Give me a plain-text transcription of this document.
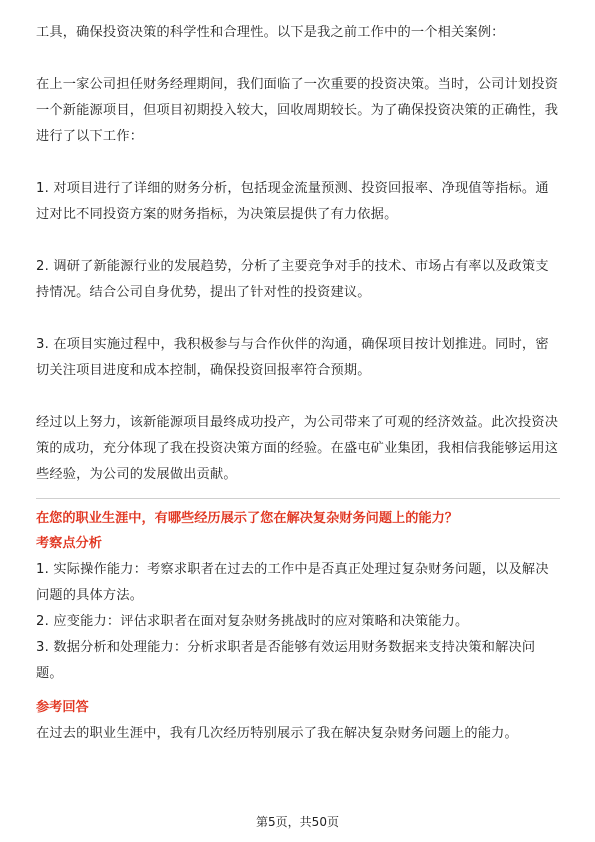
工具，确保投资决策的科学性和合理性。以下是我之前工作中的一个相关案例：

在上一家公司担任财务经理期间，我们面临了一次重要的投资决策。当时，公司计划投资一个新能源项目，但项目初期投入较大，回收周期较长。为了确保投资决策的正确性，我进行了以下工作：

1. 对项目进行了详细的财务分析，包括现金流量预测、投资回报率、净现值等指标。通过对比不同投资方案的财务指标，为决策层提供了有力依据。

2. 调研了新能源行业的发展趋势，分析了主要竞争对手的技术、市场占有率以及政策支持情况。结合公司自身优势，提出了针对性的投资建议。

3. 在项目实施过程中，我积极参与与合作伙伴的沟通，确保项目按计划推进。同时，密切关注项目进度和成本控制，确保投资回报率符合预期。

经过以上努力，该新能源项目最终成功投产，为公司带来了可观的经济效益。此次投资决策的成功，充分体现了我在投资决策方面的经验。在盛屯矿业集团，我相信我能够运用这些经验，为公司的发展做出贡献。

在您的职业生涯中，有哪些经历展示了您在解决复杂财务问题上的能力？

考察点分析

1. 实际操作能力：考察求职者在过去的工作中是否真正处理过复杂财务问题，以及解决问题的具体方法。

2. 应变能力：评估求职者在面对复杂财务挑战时的应对策略和决策能力。

3. 数据分析和处理能力：分析求职者是否能够有效运用财务数据来支持决策和解决问题。

参考回答

在过去的职业生涯中，我有几次经历特别展示了我在解决复杂财务问题上的能力。

第5页，共50页
